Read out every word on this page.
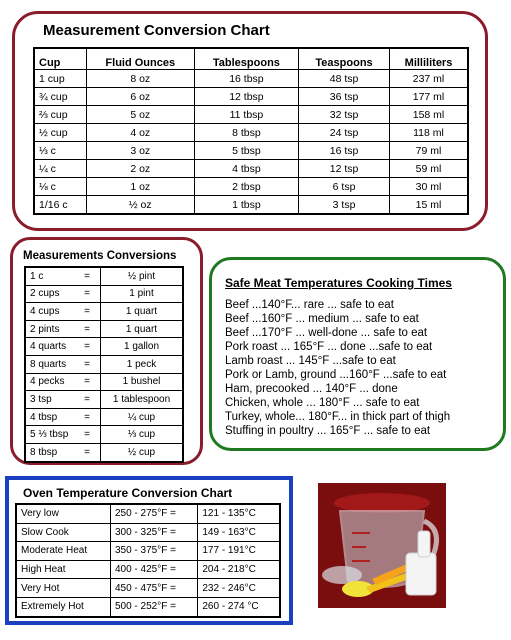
Measurement Conversion Chart
Cup	Fluid Ounces	Tablespoons	Teaspoons	Milliliters
1 cup	8 oz	16 tbsp	48 tsp	237 ml
¾ cup	6 oz	12 tbsp	36 tsp	177 ml
⅔ cup	5 oz	11 tbsp	32 tsp	158 ml
½ cup	4 oz	8 tbsp	24 tsp	118 ml
⅓ c	3 oz	5 tbsp	16 tsp	79 ml
¼ c	2 oz	4 tbsp	12 tsp	59 ml
⅛ c	1 oz	2 tbsp	6 tsp	30 ml
1/16 c	½ oz	1 tbsp	3 tsp	15 ml
Measurements Conversions
1 c =	½ pint
2 cups =	1 pint
4 cups =	1 quart
2 pints =	1 quart
4 quarts =	1 gallon
8 quarts =	1 peck
4 pecks =	1 bushel
3 tsp =	1 tablespoon
4 tbsp =	¼ cup
5 ⅓ tbsp =	⅓ cup
8 tbsp =	½ cup
Safe Meat Temperatures Cooking Times
Beef ...140°F... rare ... safe to eat
Beef ...160°F ... medium ... safe to eat
Beef ...170°F ... well-done ... safe to eat
Pork roast ... 165°F ... done ...safe to eat
Lamb roast ... 145°F ...safe to eat
Pork or Lamb, ground ...160°F ...safe to eat
Ham, precooked ... 140°F ... done
Chicken, whole ... 180°F ... safe to eat
Turkey, whole... 180°F... in thick part of thigh
Stuffing in poultry ... 165°F ... safe to eat
Oven Temperature Conversion Chart
Very low	250 - 275°F =	121 - 135°C
Slow Cook	300 - 325°F =	149 - 163°C
Moderate Heat	350 - 375°F =	177 - 191°C
High Heat	400 - 425°F =	204 - 218°C
Very Hot	450 - 475°F =	232 - 246°C
Extremely Hot	500 - 252°F =	260 - 274 °C
